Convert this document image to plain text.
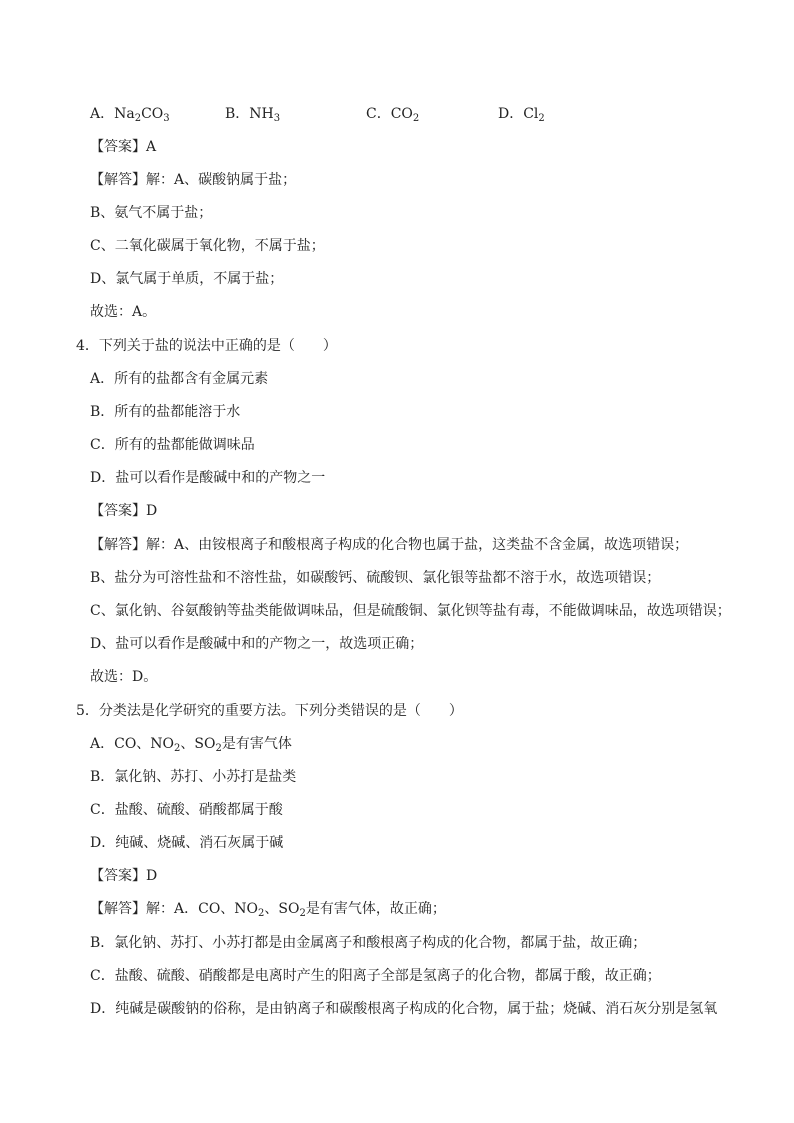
A．$Na_2CO_3$	B．$NH_3$	C．$CO_2$	D．$Cl_2$
【答案】A
【解答】解：A、碳酸钠属于盐；
B、氨气不属于盐；
C、二氧化碳属于氧化物，不属于盐；
D、氯气属于单质，不属于盐；
故选：A。
4．下列关于盐的说法中正确的是（　　）
A．所有的盐都含有金属元素
B．所有的盐都能溶于水
C．所有的盐都能做调味品
D．盐可以看作是酸碱中和的产物之一
【答案】D
【解答】解：A、由铵根离子和酸根离子构成的化合物也属于盐，这类盐不含金属，故选项错误；
B、盐分为可溶性盐和不溶性盐，如碳酸钙、硫酸钡、氯化银等盐都不溶于水，故选项错误；
C、氯化钠、谷氨酸钠等盐类能做调味品，但是硫酸铜、氯化钡等盐有毒，不能做调味品，故选项错误；
D、盐可以看作是酸碱中和的产物之一，故选项正确；
故选：D。
5．分类法是化学研究的重要方法。下列分类错误的是（　　）
A．CO、$NO_2$、$SO_2$是有害气体
B．氯化钠、苏打、小苏打是盐类
C．盐酸、硫酸、硝酸都属于酸
D．纯碱、烧碱、消石灰属于碱
【答案】D
【解答】解：A．CO、$NO_2$、$SO_2$是有害气体，故正确；
B．氯化钠、苏打、小苏打都是由金属离子和酸根离子构成的化合物，都属于盐，故正确；
C．盐酸、硫酸、硝酸都是电离时产生的阳离子全部是氢离子的化合物，都属于酸，故正确；
D．纯碱是碳酸钠的俗称，是由钠离子和碳酸根离子构成的化合物，属于盐；烧碱、消石灰分别是氢氧
